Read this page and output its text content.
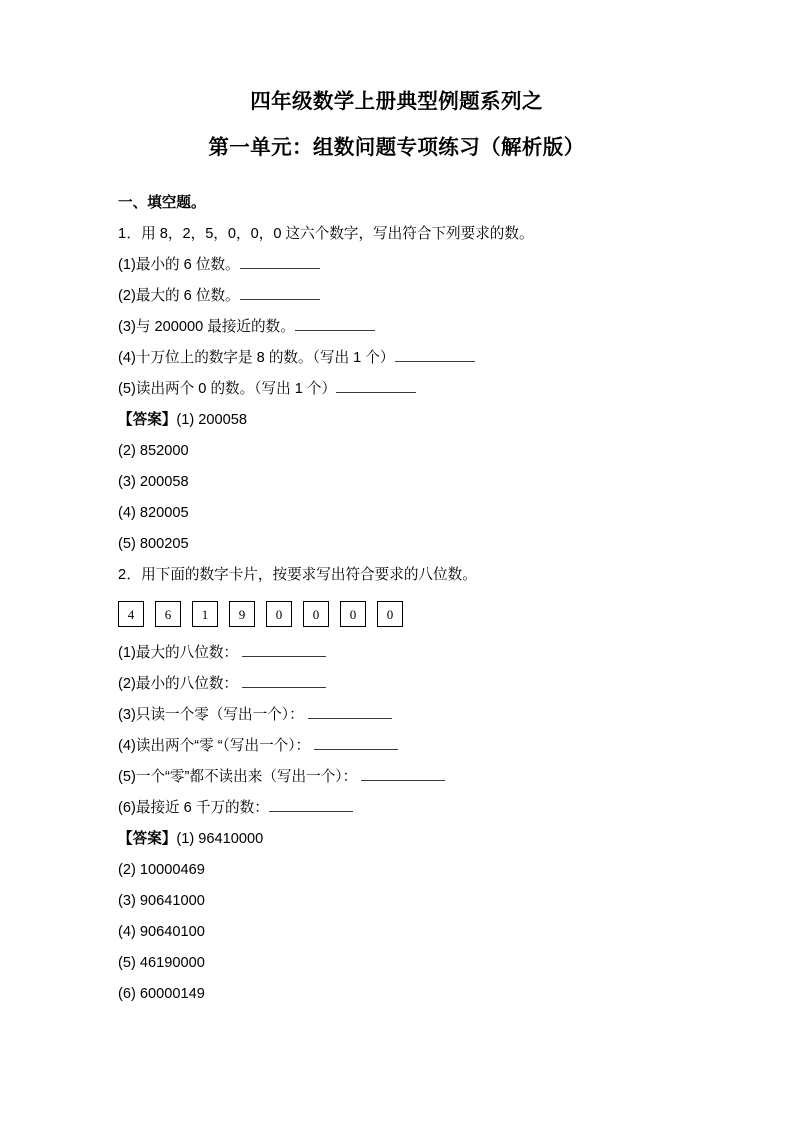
四年级数学上册典型例题系列之
第一单元：组数问题专项练习（解析版）
一、填空题。
1．用 8，2，5，0，0，0 这六个数字，写出符合下列要求的数。
(1)最小的 6 位数。
(2)最大的 6 位数。
(3)与 200000 最接近的数。
(4)十万位上的数字是 8 的数。（写出 1 个）
(5)读出两个 0 的数。（写出 1 个）
【答案】(1) 200058
(2) 852000
(3) 200058
(4) 820005
(5) 800205
2．用下面的数字卡片，按要求写出符合要求的八位数。
4	6	1	9	0	0	0	0
(1)最大的八位数：
(2)最小的八位数：
(3)只读一个零（写出一个）：
(4)读出两个“零 “（写出一个）：
(5)一个“零”都不读出来（写出一个）：
(6)最接近 6 千万的数：
【答案】(1) 96410000
(2) 10000469
(3) 90641000
(4) 90640100
(5) 46190000
(6) 60000149
